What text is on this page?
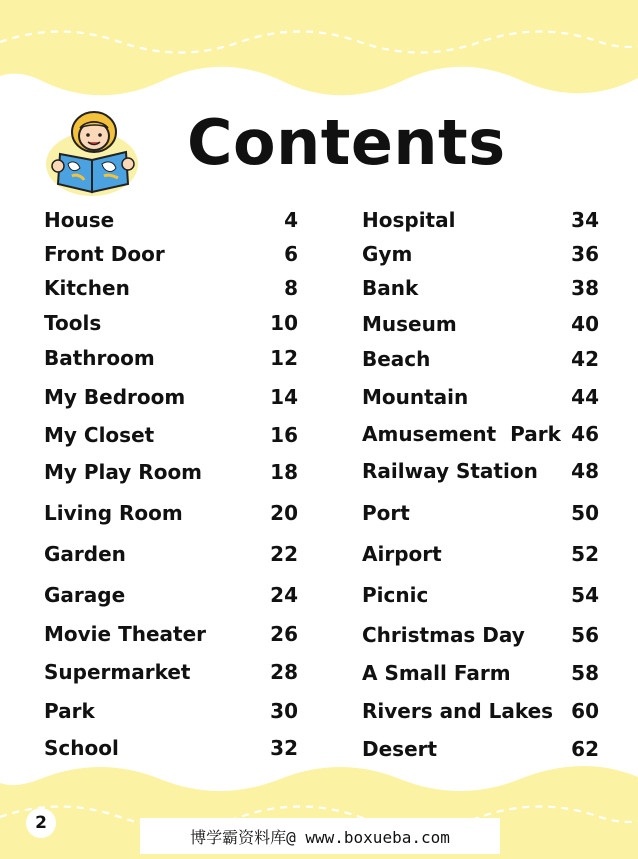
Contents
House	4
Front Door	6
Kitchen	8
Tools	10
Bathroom	12
My Bedroom	14
My Closet	16
My Play Room	18
Living Room	20
Garden	22
Garage	24
Movie Theater	26
Supermarket	28
Park	30
School	32
Hospital	34
Gym	36
Bank	38
Museum	40
Beach	42
Mountain	44
Amusement  Park 46
Railway Station 48
Port	50
Airport	52
Picnic	54
Christmas Day 56
A Small Farm	58
Rivers and Lakes 60
Desert	62
2
博学霸资料库@ www.boxueba.com
